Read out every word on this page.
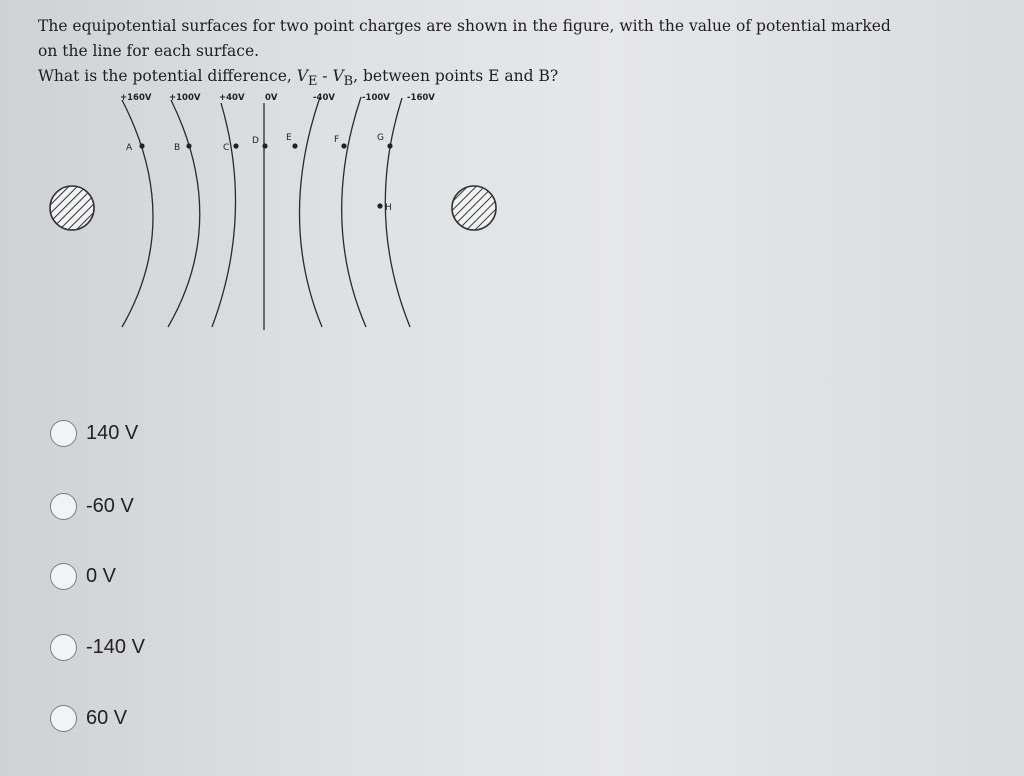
The equipotential surfaces for two point charges are shown in the figure, with the value of potential marked

on the line for each surface.

What is the potential difference, $V_E - V_B$, between points E and B?

+160V +100V +40V 0V	-40V	-100V -160V
A	B	C
D	E	F	G
H
140 V
-60 V
0 V
-140 V
60 V
